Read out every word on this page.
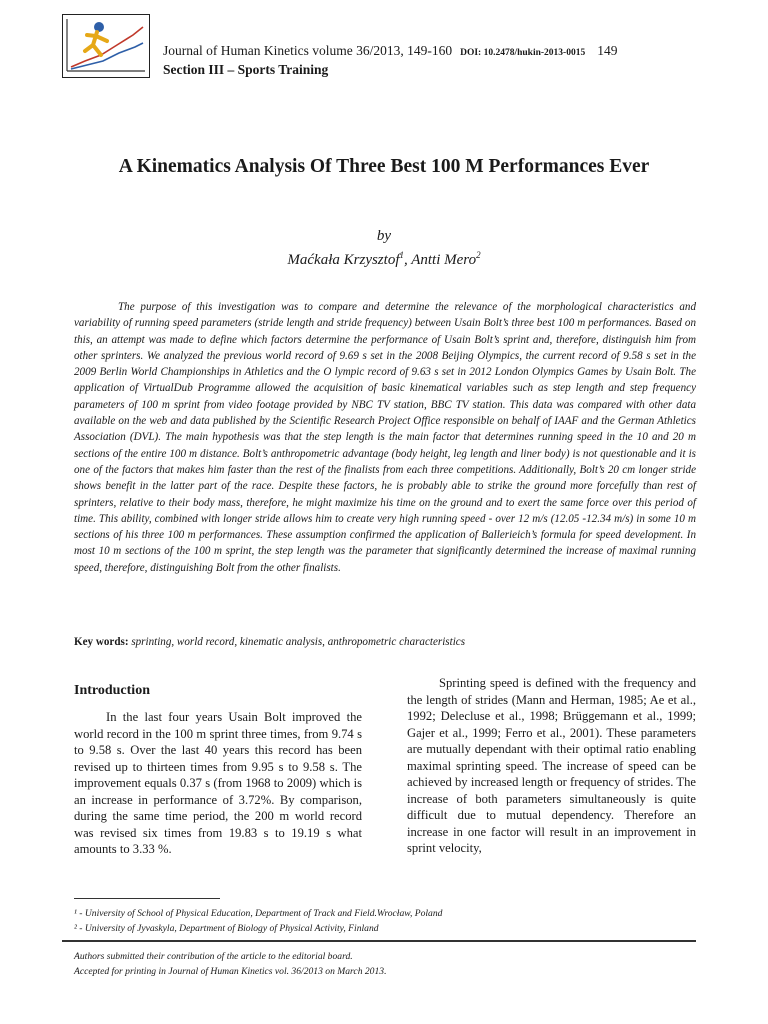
Journal of Human Kinetics volume 36/2013, 149-160 DOI: 10.2478/hukin-2013-0015 149
Section III – Sports Training
A Kinematics Analysis Of Three Best 100 M Performances Ever
by
Maćkała Krzysztof$^1$, Antti Mero$^2$
The purpose of this investigation was to compare and determine the relevance of the morphological characteristics and variability of running speed parameters (stride length and stride frequency) between Usain Bolt’s three best 100 m performances. Based on this, an attempt was made to define which factors determine the performance of Usain Bolt’s sprint and, therefore, distinguish him from other sprinters. We analyzed the previous world record of 9.69 s set in the 2008 Beijing Olympics, the current record of 9.58 s set in the 2009 Berlin World Championships in Athletics and the O lympic record of 9.63 s set in 2012 London Olympics Games by Usain Bolt. The application of VirtualDub Programme allowed the acquisition of basic kinematical variables such as step length and step frequency parameters of 100 m sprint from video footage provided by NBC TV station, BBC TV station. This data was compared with other data available on the web and data published by the Scientific Research Project Office responsible on behalf of IAAF and the German Athletics Association (DVL). The main hypothesis was that the step length is the main factor that determines running speed in the 10 and 20 m sections of the entire 100 m distance. Bolt’s anthropometric advantage (body height, leg length and liner body) is not questionable and it is one of the factors that makes him faster than the rest of the finalists from each three competitions. Additionally, Bolt’s 20 cm longer stride shows benefit in the latter part of the race. Despite these factors, he is probably able to strike the ground more forcefully than rest of sprinters, relative to their body mass, therefore, he might maximize his time on the ground and to exert the same force over this period of time. This ability, combined with longer stride allows him to create very high running speed - over 12 m/s (12.05 -12.34 m/s) in some 10 m sections of his three 100 m performances. These assumption confirmed the application of Ballerieich’s formula for speed development. In most 10 m sections of the 100 m sprint, the step length was the parameter that significantly determined the increase of maximal running speed, therefore, distinguishing Bolt from the other finalists.
Key words: sprinting, world record, kinematic analysis, anthropometric characteristics
Introduction
In the last four years Usain Bolt improved the world record in the 100 m sprint three times, from 9.74 s to 9.58 s. Over the last 40 years this record has been revised up to thirteen times from 9.95 s to 9.58 s. The improvement equals 0.37 s (from 1968 to 2009) which is an increase in performance of 3.72%. By comparison, during the same time period, the 200 m world record was revised six times from 19.83 s to 19.19 s what amounts to 3.33 %.
Sprinting speed is defined with the frequency and the length of strides (Mann and Herman, 1985; Ae et al., 1992; Delecluse et al., 1998; Brüggemann et al., 1999; Gajer et al., 1999; Ferro et al., 2001). These parameters are mutually dependant with their optimal ratio enabling maximal sprinting speed. The increase of speed can be achieved by increased length or frequency of strides. The increase of both parameters simultaneously is quite difficult due to mutual dependency. Therefore an increase in one factor will result in an improvement in sprint velocity,
¹ - University of School of Physical Education, Department of Track and Field.Wrocław, Poland
² - University of Jyvaskyla, Department of Biology of Physical Activity, Finland
Authors submitted their contribution of the article to the editorial board.
Accepted for printing in Journal of Human Kinetics vol. 36/2013 on March 2013.
